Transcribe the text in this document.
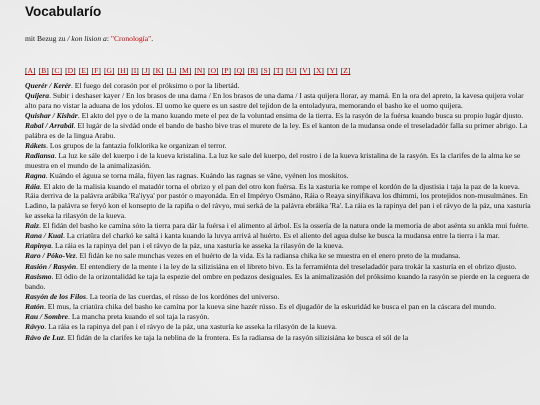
Vocabularío

mit Bezug zu / kon lision a: "Cronología".

[A] [B] [C] [D] [E] [F] [G] [H] [I] [J] [K] [L] [M] [N] [O] [P] [Q] [R] [S] [T] [U] [V] [X] [Y] [Z]
Querér / Kerér. El fuego del corasón por el próksimo o por la libertád.
Quijera. Subir i deshaser kayer / En los brasos de una dama / En los brasos de una dama / I asta quijera llorar, ay mamá. En la ora del apreto, la kavesa quijera volar alto para no vistar la aduana de los ydolos. El uomo ke quere es un sastre del tejidon de la entoladyura, memorando el basho ke el uomo quijera.
Quishar / Kishár. El akto del pye o de la mano kuando mete el pez de la voluntad ensima de la tierra. Es la rasyón de la fuérsa kuando busca su propio lugár djusto.
Rabal / Arrabál. El lugár de la sivdád onde el bando de basho bive tras el murete de la ley. Es el kanton de la mudansa onde el treseladadór falla su primer abrigo. La palábra es de la lingua Arabu.
Rákets. Los grupos de la fantazia folklorika ke organizan el terror.
Radiansa. La luz ke sále del kuerpo i de la kueva kristalina. La luz ke sale del kuerpo, del rostro i de la kueva kristalina de la rasyón. Es la clarifes de la alma ke se muestra en el mundo de la animalizasión.
Ragna. Kuándo el águua se torna mála, fúyen las ragnas. Kuándo las ragnas se vâne, vyénen los moskitos.
Ráia. El akto de la malisia kuando el matadór torna el obrizo y el pan del otro kon fuérsa. Es la xasturia ke rompe el kordón de la djustisia i taja la paz de la kueva. Ráia derriva de la palávra arábika 'Ra'iyya' por pastór o mayonáda. En el Impéryo Osmáno, Ráia o Reaya sinyifikava los dhimmi, los protejidos non-musulmánes. En Ladino, la palávra se feryó kon el konsepto de la rapiña o del rávyo, mui serká de la palávra ebráika 'Ra'. La ráia es la rapinya del pan i el rávyo de la páz, una xasturía ke asseka la rilasyón de la kueva.
Raiz. El fidán del basho ke camína sóto la tierra para dár la fuérsa i el alimento al árbol. Es la ossería de la natura onde la memoria de abot asénta su ankla mui fuérte.
Rana / Kual. La criatûra del charkó ke saltá i kanta kuando la luvya arrivá al huérto. Es el aliento del agua dulse ke busca la mudansa entre la tierra i la mar.
Rapinya. La ráia es la rapinya del pan i el rávyo de la páz, una xasturía ke asseka la rilasyón de la kueva.
Raro / Póko-Vez. El fidán ke no sale munchas vezes en el huérto de la vida. Es la radiansa chika ke se muestra en el enero preto de la mudansa.
Rasión / Rasyón. El entendiery de la mente i la ley de la silizisiána en el libreto bivo. Es la ferramiénta del treseladadór para trokár la xasturía en el obrizo djusto.
Rasismo. El ódio de la orizontalidád ke taja la espezie del ombre en pedazos desiguales. Es la animalizasión del próksimo kuando la rasyón se pierde en la ceguera de bando.
Rasyón de los Fílos. La teoría de las cuerdas, el rússo de los kordónes del universo.
Ratón. El mus, la criatúra chika del basho ke camína por la kueva sine hazér rússo. Es el djugadór de la eskuridád ke busca el pan en la cáscara del mundo.
Rau / Sombre. La mancha preta kuando el sol taja la rasyón.
Rávyo. La ráia es la rapinya del pan i el rávyo de la páz, una xasturía ke asseka la rilasyón de la kueva.
Rávo de Luz. El fidán de la clarifes ke taja la neblina de la frontera. Es la radiansa de la rasyón silizisiána ke busca el sól de la
